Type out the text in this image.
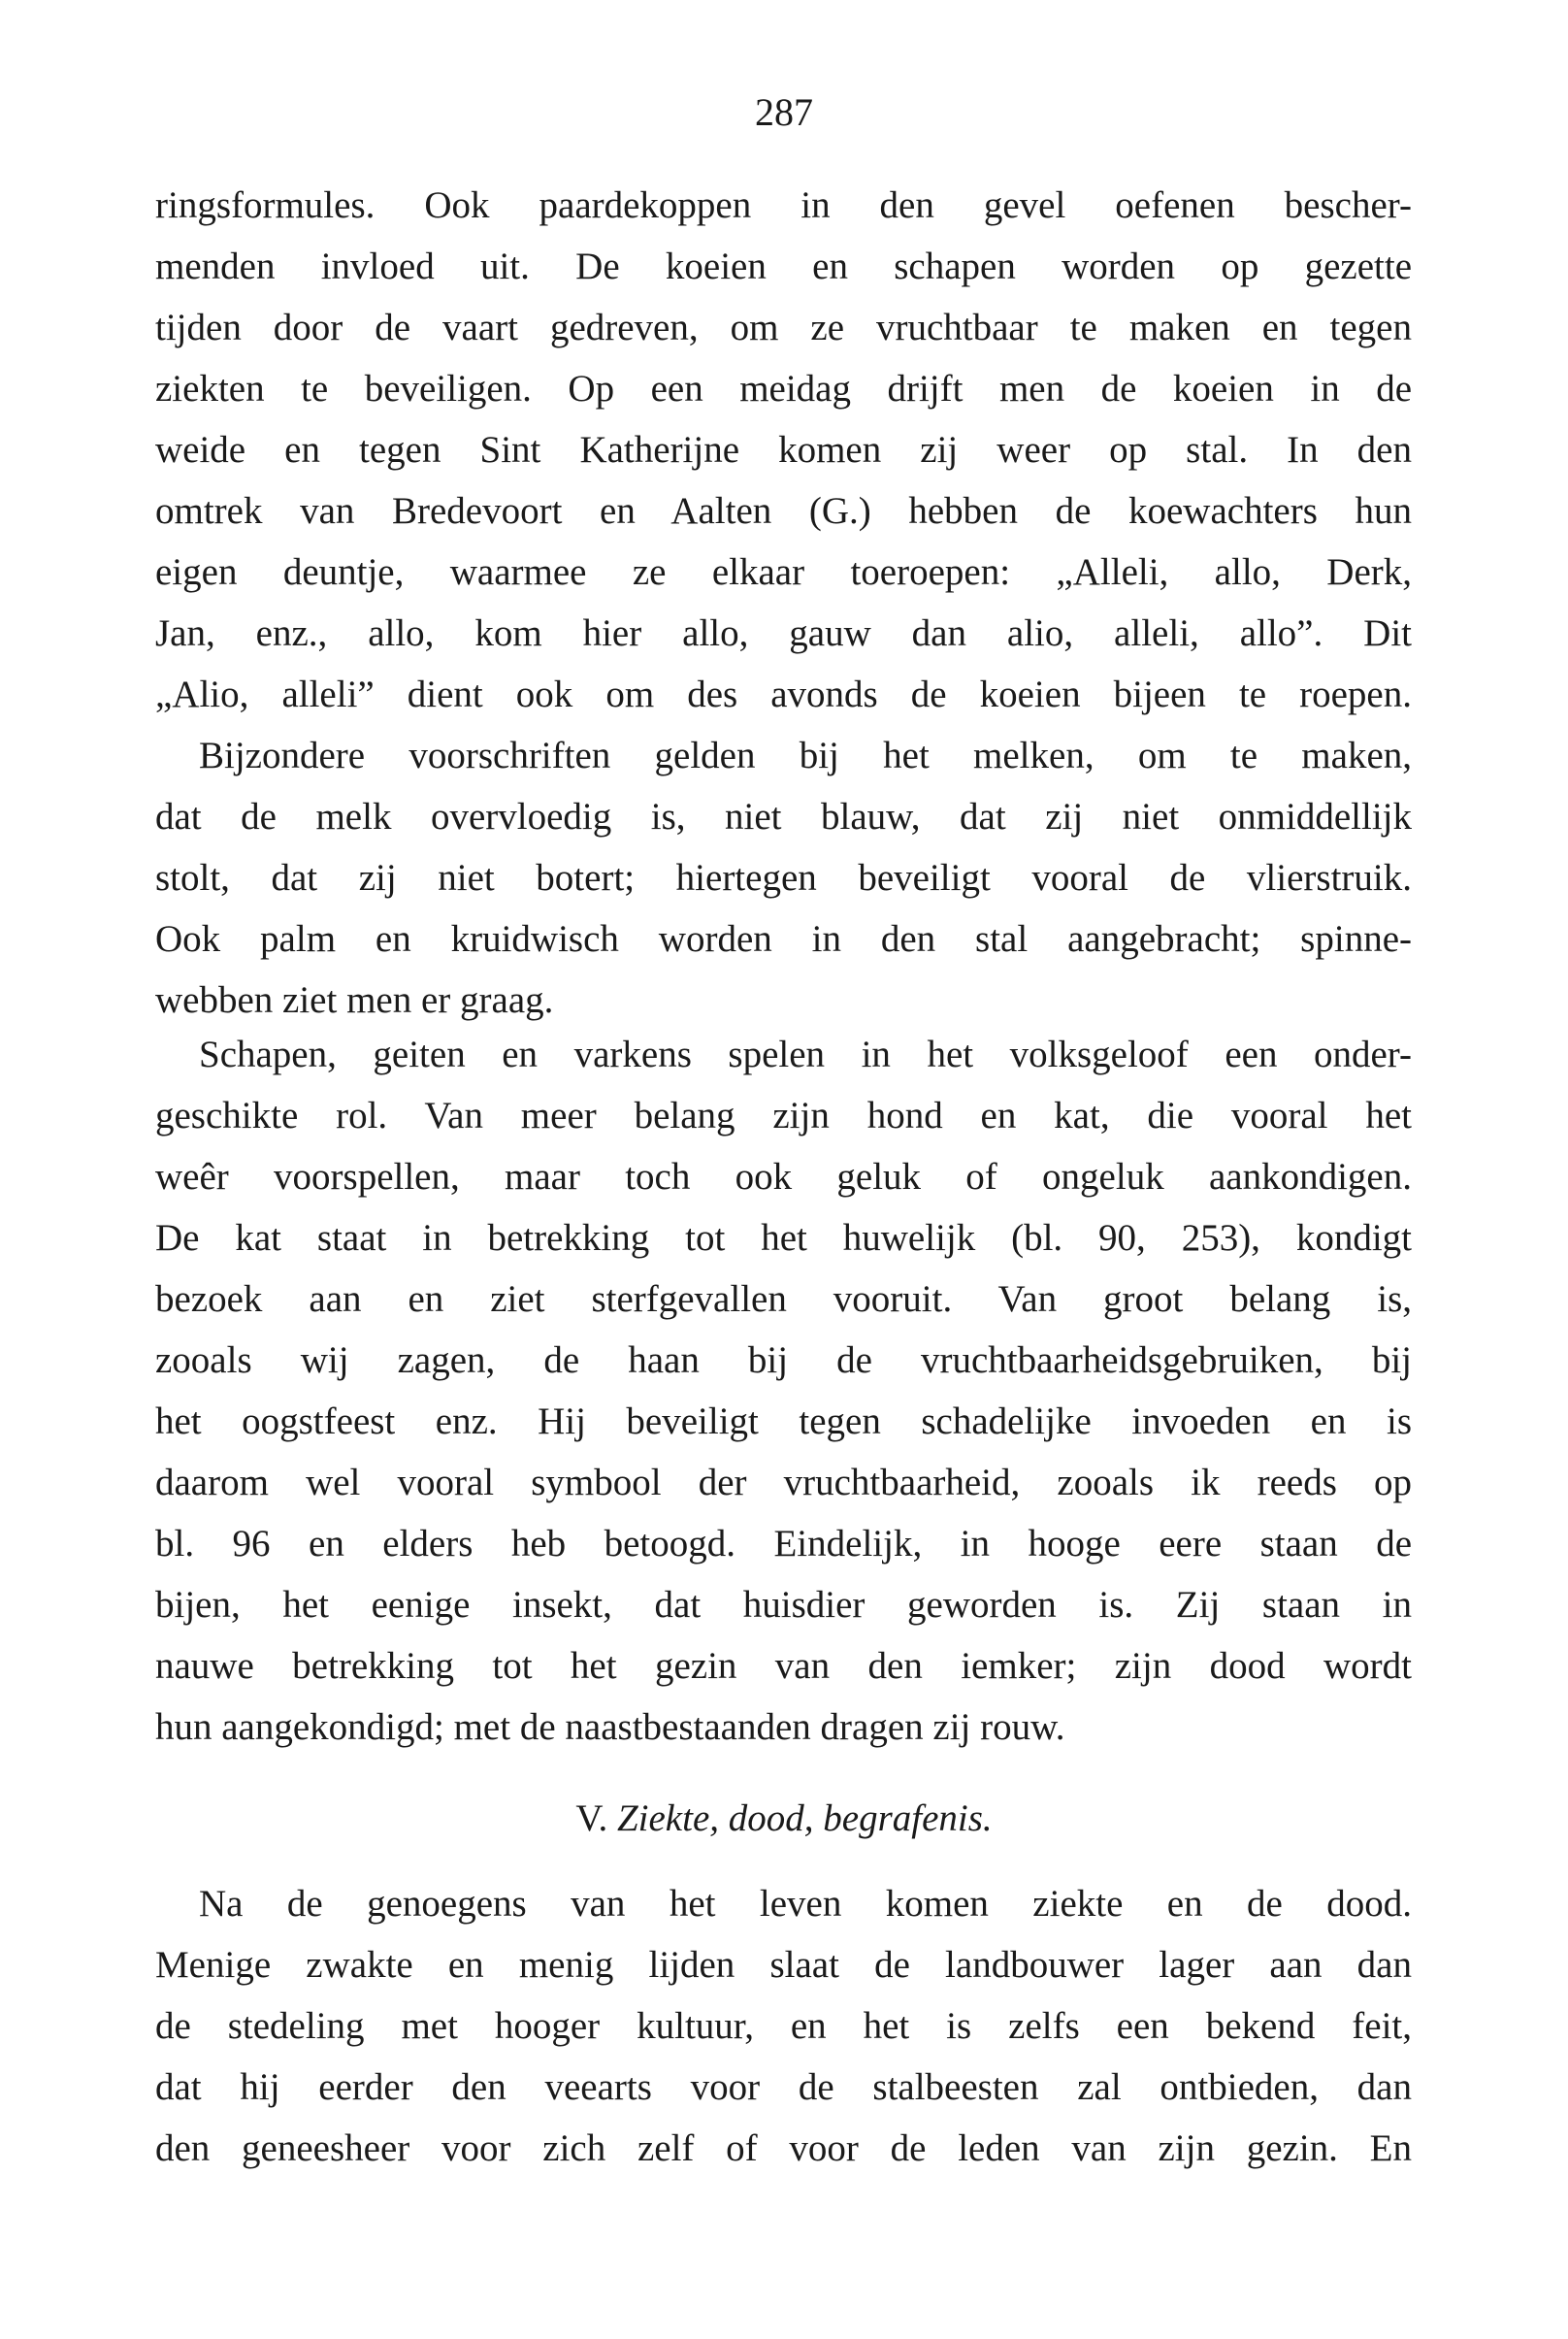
287
ringsformules. Ook paardekoppen in den gevel oefenen bescher-
menden invloed uit. De koeien en schapen worden op gezette
tijden door de vaart gedreven, om ze vruchtbaar te maken en tegen
ziekten te beveiligen. Op een meidag drijft men de koeien in de
weide en tegen Sint Katherijne komen zij weer op stal. In den
omtrek van Bredevoort en Aalten (G.) hebben de koewachters hun
eigen deuntje, waarmee ze elkaar toeroepen: „Alleli, allo, Derk,
Jan, enz., allo, kom hier allo, gauw dan alio, alleli, allo”. Dit
„Alio, alleli” dient ook om des avonds de koeien bijeen te roepen.
Bijzondere voorschriften gelden bij het melken, om te maken,
dat de melk overvloedig is, niet blauw, dat zij niet onmiddellijk
stolt, dat zij niet botert; hiertegen beveiligt vooral de vlierstruik.
Ook palm en kruidwisch worden in den stal aangebracht; spinne-
webben ziet men er graag.
Schapen, geiten en varkens spelen in het volksgeloof een onder-
geschikte rol. Van meer belang zijn hond en kat, die vooral het
weêr voorspellen, maar toch ook geluk of ongeluk aankondigen.
De kat staat in betrekking tot het huwelijk (bl. 90, 253), kondigt
bezoek aan en ziet sterfgevallen vooruit. Van groot belang is,
zooals wij zagen, de haan bij de vruchtbaarheidsgebruiken, bij
het oogstfeest enz. Hij beveiligt tegen schadelijke invoeden en is
daarom wel vooral symbool der vruchtbaarheid, zooals ik reeds op
bl. 96 en elders heb betoogd. Eindelijk, in hooge eere staan de
bijen, het eenige insekt, dat huisdier geworden is. Zij staan in
nauwe betrekking tot het gezin van den iemker; zijn dood wordt
hun aangekondigd; met de naastbestaanden dragen zij rouw.
V. Ziekte, dood, begrafenis.
Na de genoegens van het leven komen ziekte en de dood.
Menige zwakte en menig lijden slaat de landbouwer lager aan dan
de stedeling met hooger kultuur, en het is zelfs een bekend feit,
dat hij eerder den veearts voor de stalbeesten zal ontbieden, dan
den geneesheer voor zich zelf of voor de leden van zijn gezin. En
